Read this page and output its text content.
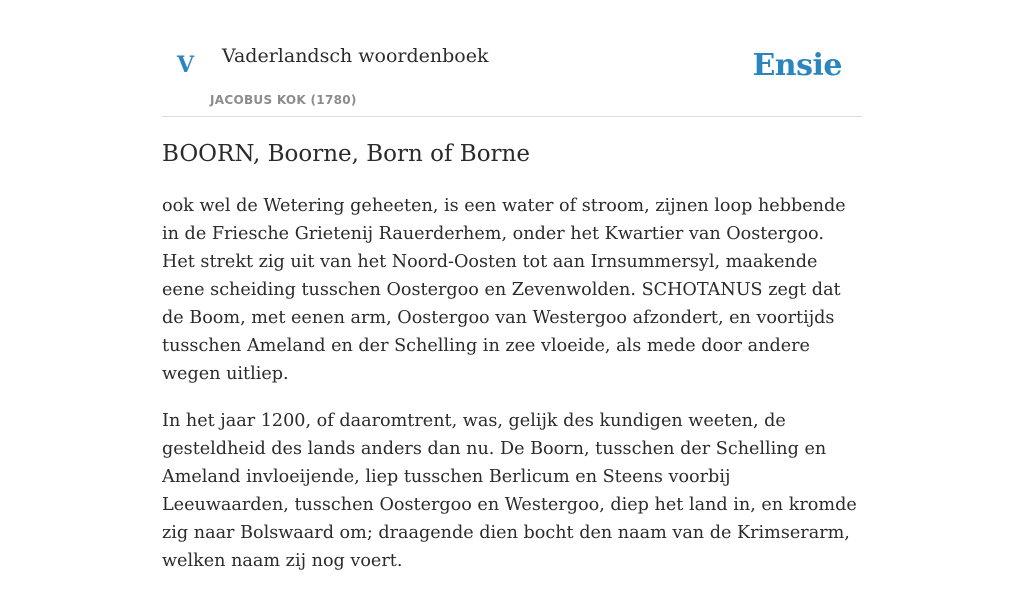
V Vaderlandsch woordenboek
JACOBUS KOK (1780)
Ensie
BOORN, Boorne, Born of Borne

ook wel de Wetering geheeten, is een water of stroom, zijnen loop hebbende in de Friesche Grietenij Rauerderhem, onder het Kwartier van Oostergoo. Het strekt zig uit van het Noord-Oosten tot aan Irnsummersyl, maakende eene scheiding tusschen Oostergoo en Zevenwolden. SCHOTANUS zegt dat de Boom, met eenen arm, Oostergoo van Westergoo afzondert, en voortijds tusschen Ameland en der Schelling in zee vloeide, als mede door andere wegen uitliep.

In het jaar 1200, of daaromtrent, was, gelijk des kundigen weeten, de gesteldheid des lands anders dan nu. De Boorn, tusschen der Schelling en Ameland invloeijende, liep tusschen Berlicum en Steens voorbij Leeuwaarden, tusschen Oostergoo en Westergoo, diep het land in, en kromde zig naar Bolswaard om; draagende dien bocht den naam van de Krimserarm, welken naam zij nog voert.
